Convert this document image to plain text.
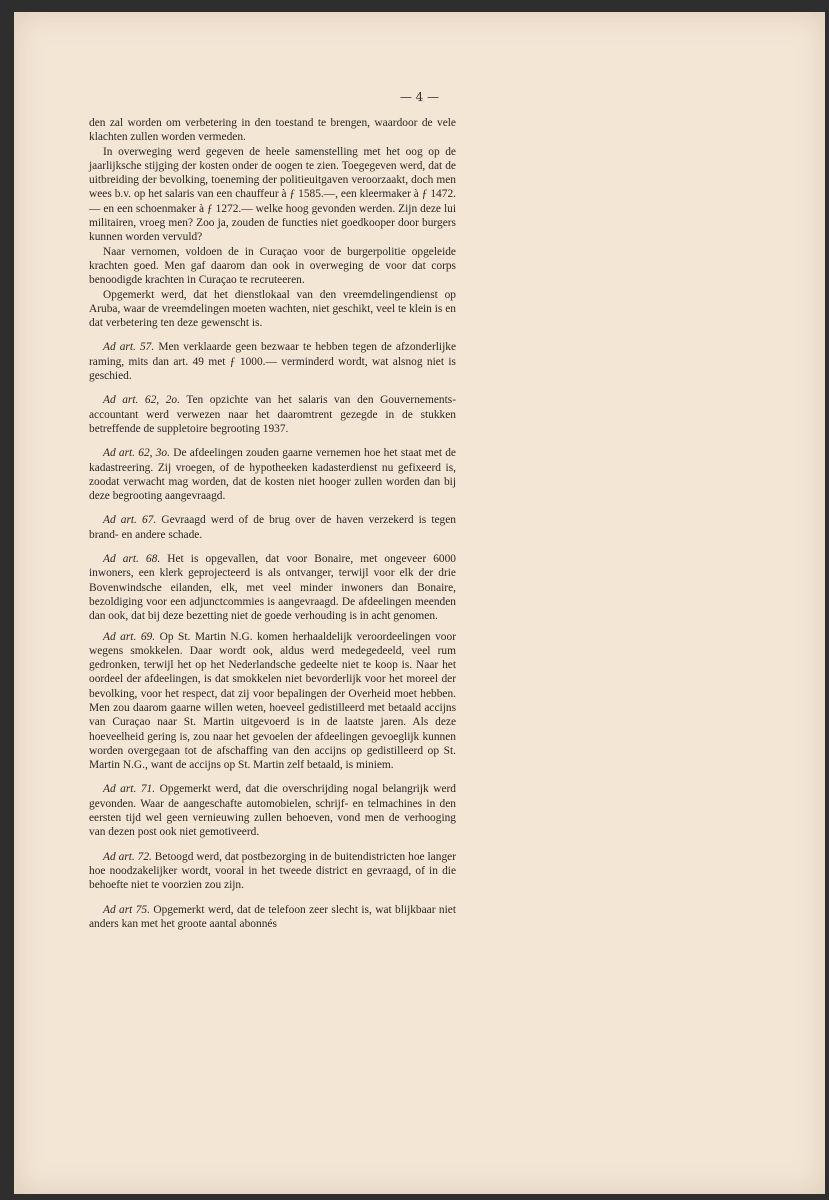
— 4 —

den zal worden om verbetering in den toestand te brengen, waardoor de vele klachten zullen worden vermeden.

In overweging werd gegeven de heele samenstelling met het oog op de jaarlijksche stijging der kosten onder de oogen te zien. Toegegeven werd, dat de uitbreiding der bevolking, toeneming der politieuitgaven veroorzaakt, doch men wees b.v. op het salaris van een chauffeur à ƒ 1585.—, een kleermaker à ƒ 1472.— en een schoenmaker à ƒ 1272.— welke hoog gevonden werden. Zijn deze lui militairen, vroeg men? Zoo ja, zouden de functies niet goedkooper door burgers kunnen worden vervuld?

Naar vernomen, voldoen de in Curaçao voor de burgerpolitie opgeleide krachten goed. Men gaf daarom dan ook in overweging de voor dat corps benoodigde krachten in Curaçao te recruteeren.

Opgemerkt werd, dat het dienstlokaal van den vreemdelingendienst op Aruba, waar de vreemdelingen moeten wachten, niet geschikt, veel te klein is en dat verbetering ten deze gewenscht is.

Ad art. 57. Men verklaarde geen bezwaar te hebben tegen de afzonderlijke raming, mits dan art. 49 met ƒ 1000.— verminderd wordt, wat alsnog niet is geschied.

Ad art. 62, 2o. Ten opzichte van het salaris van den Gouvernements-accountant werd verwezen naar het daaromtrent gezegde in de stukken betreffende de suppletoire begrooting 1937.

Ad art. 62, 3o. De afdeelingen zouden gaarne vernemen hoe het staat met de kadastreering. Zij vroegen, of de hypotheeken kadasterdienst nu gefixeerd is, zoodat verwacht mag worden, dat de kosten niet hooger zullen worden dan bij deze begrooting aangevraagd.

Ad art. 67. Gevraagd werd of de brug over de haven verzekerd is tegen brand- en andere schade.

Ad art. 68. Het is opgevallen, dat voor Bonaire, met ongeveer 6000 inwoners, een klerk geprojecteerd is als ontvanger, terwijl voor elk der drie Bovenwindsche eilanden, elk, met veel minder inwoners dan Bonaire, bezoldiging voor een adjunctcommies is aangevraagd. De afdeelingen meenden dan ook, dat bij deze bezetting niet de goede verhouding is in acht genomen.

Ad art. 69. Op St. Martin N.G. komen herhaaldelijk veroordeelingen voor wegens smokkelen. Daar wordt ook, aldus werd medegedeeld, veel rum gedronken, terwijl het op het Nederlandsche gedeelte niet te koop is. Naar het oordeel der afdeelingen, is dat smokkelen niet bevorderlijk voor het moreel der bevolking, voor het respect, dat zij voor bepalingen der Overheid moet hebben. Men zou daarom gaarne willen weten, hoeveel gedistilleerd met betaald accijns van Curaçao naar St. Martin uitgevoerd is in de laatste jaren. Als deze hoeveelheid gering is, zou naar het gevoelen der afdeelingen gevoeglijk kunnen worden overgegaan tot de afschaffing van den accijns op gedistilleerd op St. Martin N.G., want de accijns op St. Martin zelf betaald, is miniem.

Ad art. 71. Opgemerkt werd, dat die overschrijding nogal belangrijk werd gevonden. Waar de aangeschafte automobielen, schrijf- en telmachines in den eersten tijd wel geen vernieuwing zullen behoeven, vond men de verhooging van dezen post ook niet gemotiveerd.

Ad art. 72. Betoogd werd, dat postbezorging in de buitendistricten hoe langer hoe noodzakelijker wordt, vooral in het tweede district en gevraagd, of in die behoefte niet te voorzien zou zijn.

Ad art 75. Opgemerkt werd, dat de telefoon zeer slecht is, wat blijkbaar niet anders kan met het groote aantal abonnés
